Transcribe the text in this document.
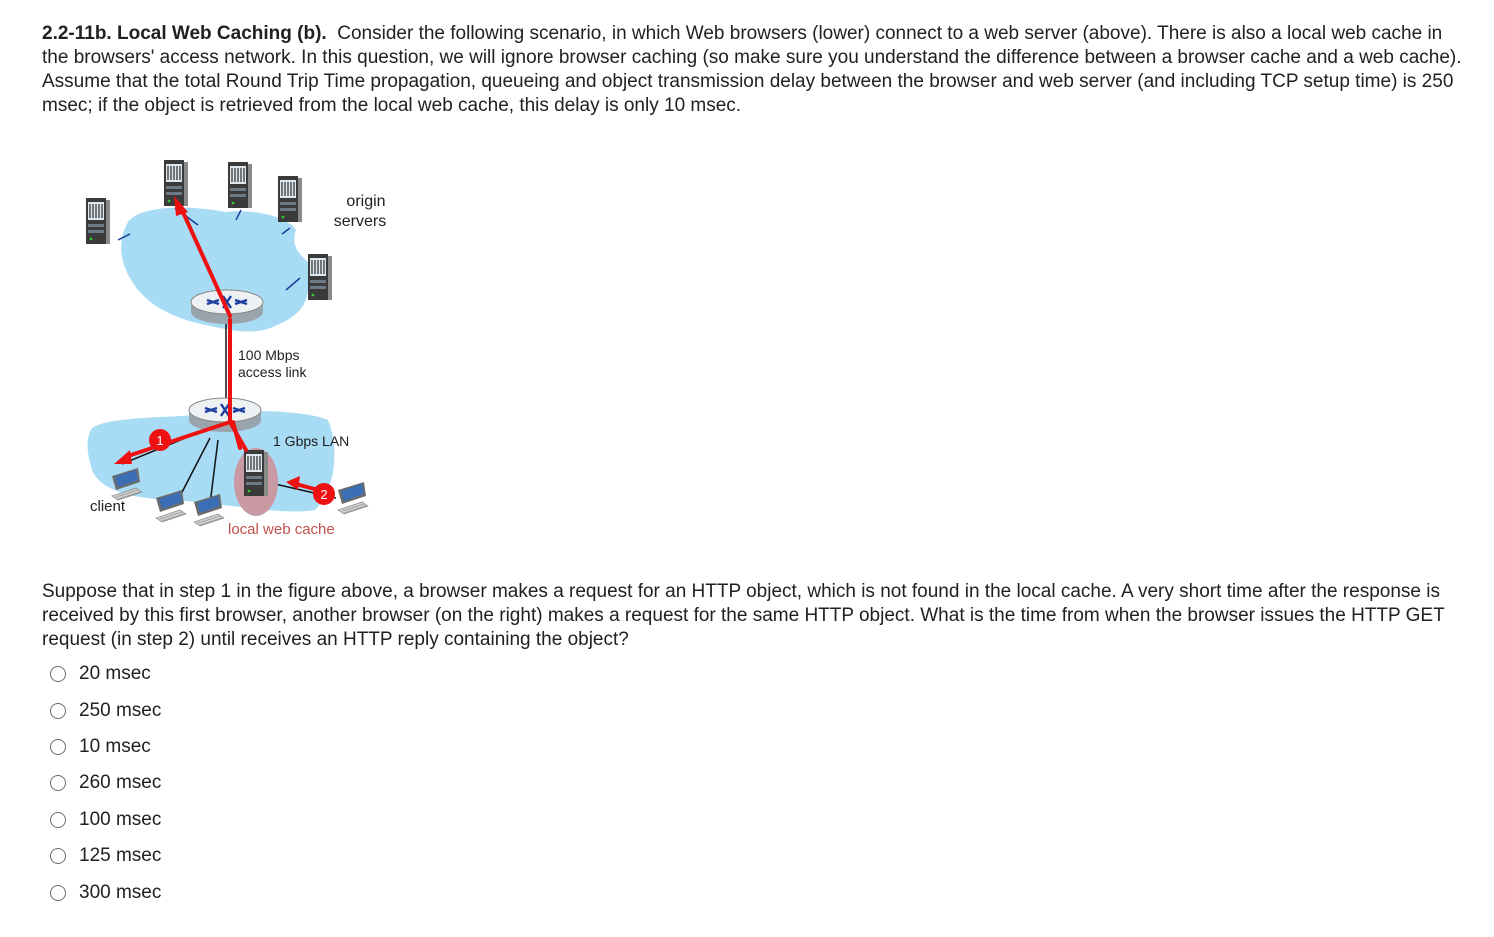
2.2-11b. Local Web Caching (b). Consider the following scenario, in which Web browsers (lower) connect to a web server (above). There is also a local web cache in the browsers' access network. In this question, we will ignore browser caching (so make sure you understand the difference between a browser cache and a web cache). Assume that the total Round Trip Time propagation, queueing and object transmission delay between the browser and web server (and including TCP setup time) is 250 msec; if the object is retrieved from the local web cache, this delay is only 10 msec.

1
2
origin
servers
100 Mbps
access link
1 Gbps LAN
client
local web cache

Suppose that in step 1 in the figure above, a browser makes a request for an HTTP object, which is not found in the local cache. A very short time after the response is received by this first browser, another browser (on the right) makes a request for the same HTTP object. What is the time from when the browser issues the HTTP GET request (in step 2) until receives an HTTP reply containing the object?

20 msec
250 msec
10 msec
260 msec
100 msec
125 msec
300 msec
